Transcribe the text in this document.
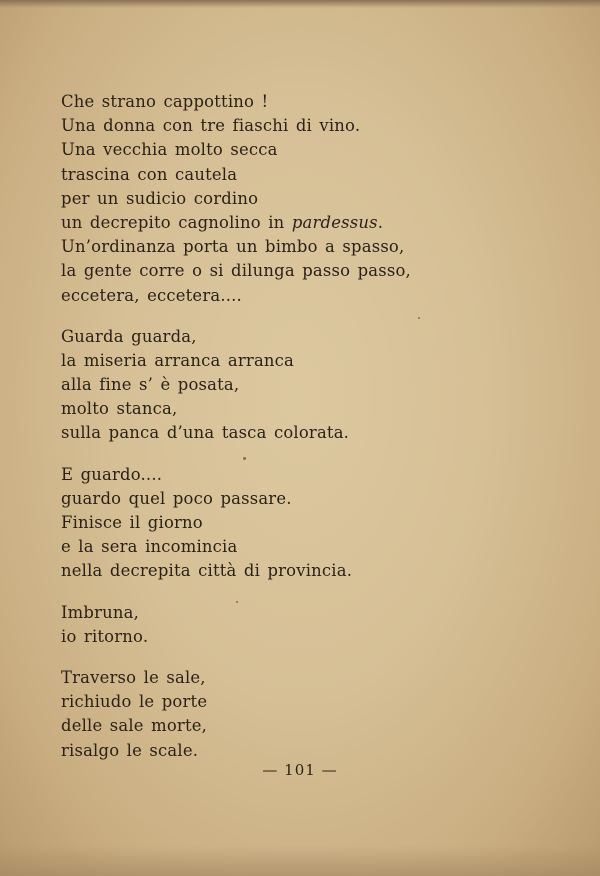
Che strano cappottino !
Una donna con tre fiaschi di vino.
Una vecchia molto secca
trascina con cautela
per un sudicio cordino
un decrepito cagnolino in pardessus.
Un’ordinanza porta un bimbo a spasso,
la gente corre o si dilunga passo passo,
eccetera, eccetera....
Guarda guarda,
la miseria arranca arranca
alla fine s’ è posata,
molto stanca,
sulla panca d’una tasca colorata.
E guardo....
guardo quel poco passare.
Finisce il giorno
e la sera incomincia
nella decrepita città di provincia.
Imbruna,
io ritorno.
Traverso le sale,
richiudo le porte
delle sale morte,
risalgo le scale.
— 101 —
